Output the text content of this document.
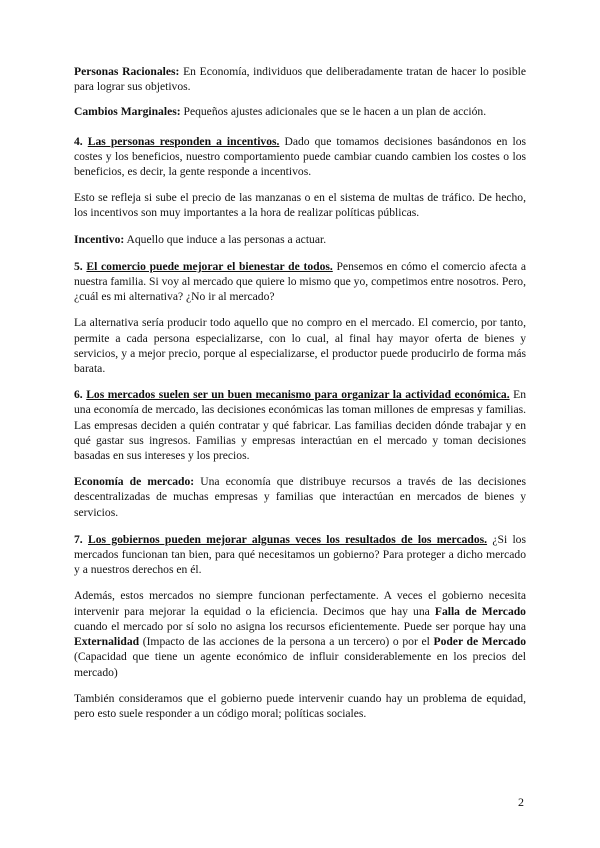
Personas Racionales: En Economía, individuos que deliberadamente tratan de hacer lo posible para lograr sus objetivos.

Cambios Marginales: Pequeños ajustes adicionales que se le hacen a un plan de acción.

4. Las personas responden a incentivos. Dado que tomamos decisiones basándonos en los costes y los beneficios, nuestro comportamiento puede cambiar cuando cambien los costes o los beneficios, es decir, la gente responde a incentivos.

Esto se refleja si sube el precio de las manzanas o en el sistema de multas de tráfico. De hecho, los incentivos son muy importantes a la hora de realizar políticas públicas.

Incentivo: Aquello que induce a las personas a actuar.

5. El comercio puede mejorar el bienestar de todos. Pensemos en cómo el comercio afecta a nuestra familia. Si voy al mercado que quiere lo mismo que yo, competimos entre nosotros. Pero, ¿cuál es mi alternativa? ¿No ir al mercado?

La alternativa sería producir todo aquello que no compro en el mercado. El comercio, por tanto, permite a cada persona especializarse, con lo cual, al final hay mayor oferta de bienes y servicios, y a mejor precio, porque al especializarse, el productor puede producirlo de forma más barata.

6. Los mercados suelen ser un buen mecanismo para organizar la actividad económica. En una economía de mercado, las decisiones económicas las toman millones de empresas y familias. Las empresas deciden a quién contratar y qué fabricar. Las familias deciden dónde trabajar y en qué gastar sus ingresos. Familias y empresas interactúan en el mercado y toman decisiones basadas en sus intereses y los precios.

Economía de mercado: Una economía que distribuye recursos a través de las decisiones descentralizadas de muchas empresas y familias que interactúan en mercados de bienes y servicios.

7. Los gobiernos pueden mejorar algunas veces los resultados de los mercados. ¿Si los mercados funcionan tan bien, para qué necesitamos un gobierno? Para proteger a dicho mercado y a nuestros derechos en él.

Además, estos mercados no siempre funcionan perfectamente. A veces el gobierno necesita intervenir para mejorar la equidad o la eficiencia. Decimos que hay una Falla de Mercado cuando el mercado por sí solo no asigna los recursos eficientemente. Puede ser porque hay una Externalidad (Impacto de las acciones de la persona a un tercero) o por el Poder de Mercado (Capacidad que tiene un agente económico de influir considerablemente en los precios del mercado)

También consideramos que el gobierno puede intervenir cuando hay un problema de equidad, pero esto suele responder a un código moral; políticas sociales.

2
